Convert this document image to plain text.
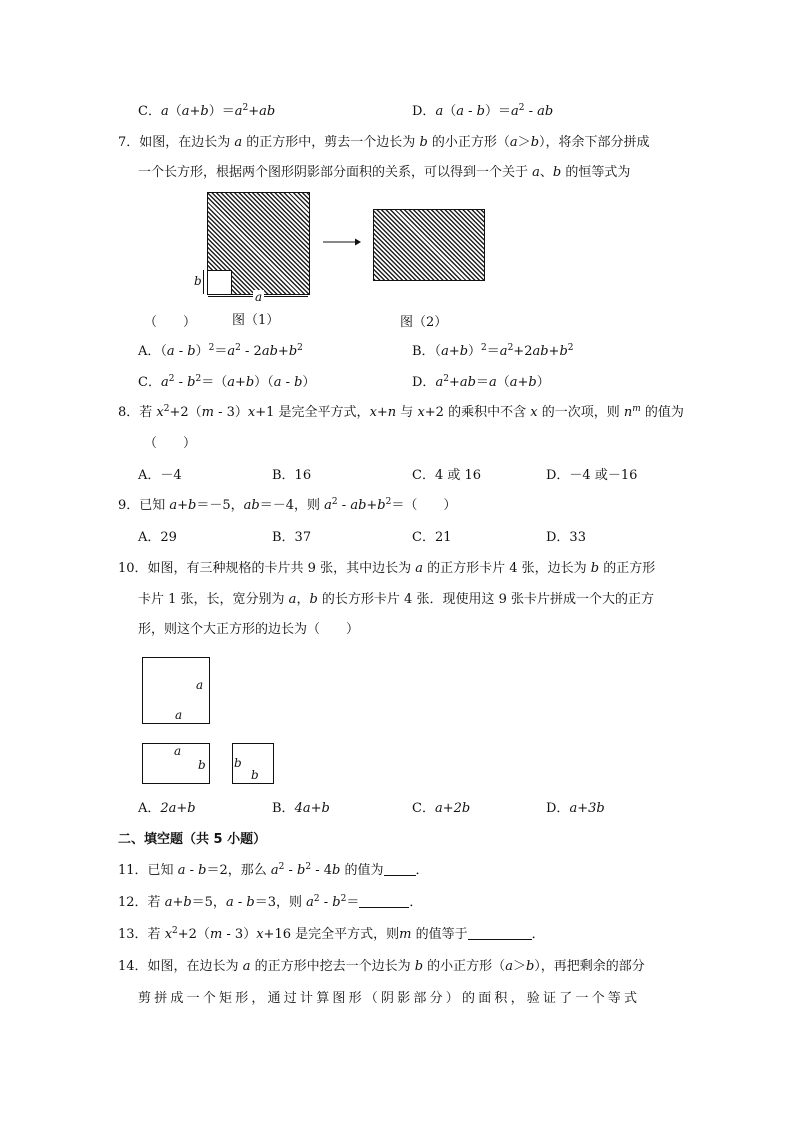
C．$a(a+b)=a^2+ab$	D．$a(a - b)=a^2$ - ab
7．如图，在边长为 a 的正方形中，剪去一个边长为 b 的小正方形（a＞b），将余下部分拼成
一个长方形，根据两个图形阴影部分面积的关系，可以得到一个关于 a、b 的恒等式为
b
a
（　　）	图（1）	图（2）
A．$(a - b)^2=a^2 - 2ab+b^2$	B．$(a+b)^2=a^2+2ab+b^2$
C．$a^2 - b^2=(a+b)(a - b)$	D．$a^2+ab=a(a+b)$
8．若 $x^2+2(m - 3)x+1$ 是完全平方式，x+n 与 x+2 的乘积中不含 x 的一次项，则 $n^m$ 的值为
（　　）
A．－4	B．16	C．4 或 16	D．－4 或－16
9．已知 a+b＝－5，ab＝－4，则 $a^2 - ab+b^2=$（　　）
A．29	B．37	C．21	D．33
10．如图，有三种规格的卡片共 9 张，其中边长为 a 的正方形卡片 4 张，边长为 b 的正方形
卡片 1 张，长，宽分别为 a，b 的长方形卡片 4 张．现使用这 9 张卡片拼成一个大的正方
形，则这个大正方形的边长为（　　）
a
a
a
b b
b
A．2a+b	B．4a+b	C．a+2b	D．a+3b
二、填空题（共 5 小题）
11．已知 a - b＝2，那么 $a^2 - b^2 - 4b$ 的值为 ．
12．若 a+b＝5，a - b＝3，则 $a^2 - b^2=$	．
13．若 $x^2+2(m - 3)x+16$ 是完全平方式，则m 的值等于	．
14．如图，在边长为 a 的正方形中挖去一个边长为 b 的小正方形（a＞b），再把剩余的部分
剪拼成一个矩形，通过计算图形（阴影部分）的面积，验证了一个等式
